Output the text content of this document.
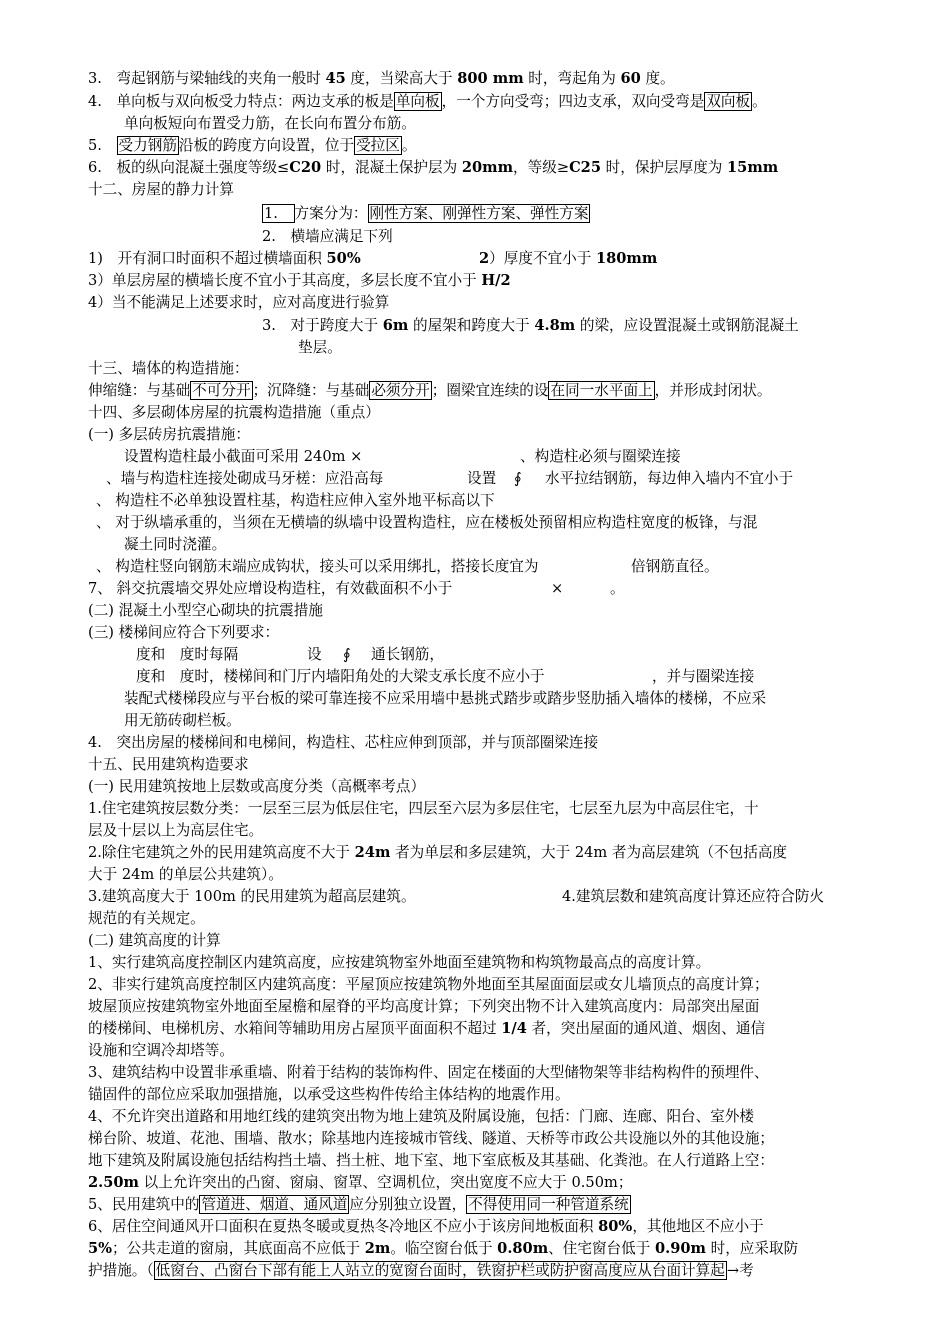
3.　弯起钢筋与梁轴线的夹角一般时 45 度，当梁高大于 800 mm 时，弯起角为 60 度。
4.　单向板与双向板受力特点：两边支承的板是 单向板 ，一个方向受弯；四边支承，双向受弯是 双向板 。
单向板短向布置受力筋，在长向布置分布筋。
5.　受力钢筋 沿板的跨度方向设置，位于 受拉区 。
6.　板的纵向混凝土强度等级≤C20 时，混凝土保护层为 20mm，等级≥C25 时，保护层厚度为 15mm
十二、房屋的静力计算
1.　方案分为： 刚性方案、刚弹性方案、弹性方案
2.　横墙应满足下列
1)　开有洞口时面积不超过横墙面积 50%	2）厚度不宜小于 180mm
3）单层房屋的横墙长度不宜小于其高度，多层长度不宜小于 H/2
4）当不能满足上述要求时，应对高度进行验算
3.　对于跨度大于 6m 的屋架和跨度大于 4.8m 的梁，应设置混凝土或钢筋混凝土
垫层。
十三、墙体的构造措施：
伸缩缝：与基础 不可分开 ；沉降缝：与基础 必须分开 ；圈梁宜连续的设 在同一水平面上 ，并形成封闭状。
十四、多层砌体房屋的抗震构造措施（重点）
(一) 多层砖房抗震措施：
设置构造柱最小截面可采用 240m ×	、构造柱必须与圈梁连接
、墙与构造柱连接处砌成马牙槎：应沿高每	设置 ∮ 水平拉结钢筋，每边伸入墙内不宜小于
、 构造柱不必单独设置柱基，构造柱应伸入室外地平标高以下
、 对于纵墙承重的，当须在无横墙的纵墙中设置构造柱，应在楼板处预留相应构造柱宽度的板锋，与混
凝土同时浇灌。
、 构造柱竖向钢筋末端应成钩状，接头可以采用绑扎，搭接长度宜为	倍钢筋直径。
7、 斜交抗震墙交界处应增设构造柱，有效截面积不小于	×	。
(二) 混凝土小型空心砌块的抗震措施
(三) 楼梯间应符合下列要求：
度和　度时每隔	设 ∮ 通长钢筋，
度和　度时，楼梯间和门厅内墙阳角处的大梁支承长度不应小于	，并与圈梁连接
装配式楼梯段应与平台板的梁可靠连接不应采用墙中悬挑式踏步或踏步竖肋插入墙体的楼梯，不应采
用无筋砖砌栏板。
4.　突出房屋的楼梯间和电梯间，构造柱、芯柱应伸到顶部，并与顶部圈梁连接
十五、民用建筑构造要求
(一) 民用建筑按地上层数或高度分类（高概率考点）
1.住宅建筑按层数分类：一层至三层为低层住宅，四层至六层为多层住宅，七层至九层为中高层住宅，十
层及十层以上为高层住宅。
2.除住宅建筑之外的民用建筑高度不大于 24m 者为单层和多层建筑，大于 24m 者为高层建筑（不包括高度
大于 24m 的单层公共建筑）。
3.建筑高度大于 100m 的民用建筑为超高层建筑。	4.建筑层数和建筑高度计算还应符合防火
规范的有关规定。
(二) 建筑高度的计算
1、实行建筑高度控制区内建筑高度，应按建筑物室外地面至建筑物和构筑物最高点的高度计算。
2、非实行建筑高度控制区内建筑高度：平屋顶应按建筑物外地面至其屋面面层或女儿墙顶点的高度计算；
坡屋顶应按建筑物室外地面至屋檐和屋脊的平均高度计算；下列突出物不计入建筑高度内：局部突出屋面
的楼梯间、电梯机房、水箱间等辅助用房占屋顶平面面积不超过 1/4 者，突出屋面的通风道、烟囱、通信
设施和空调冷却塔等。
3、建筑结构中设置非承重墙、附着于结构的装饰构件、固定在楼面的大型储物架等非结构构件的预埋件、
锚固件的部位应采取加强措施，以承受这些构件传给主体结构的地震作用。
4、不允许突出道路和用地红线的建筑突出物为地上建筑及附属设施，包括：门廊、连廊、阳台、室外楼
梯台阶、坡道、花池、围墙、散水；除基地内连接城市管线、隧道、天桥等市政公共设施以外的其他设施；
地下建筑及附属设施包括结构挡土墙、挡土桩、地下室、地下室底板及其基础、化粪池。在人行道路上空：
2.50m 以上允许突出的凸窗、窗扇、窗罩、空调机位，突出宽度不应大于 0.50m；
5、民用建筑中的 管道进、烟道、通风道 应分别独立设置， 不得使用同一种管道系统
6、居住空间通风开口面积在夏热冬暖或夏热冬冷地区不应小于该房间地板面积 80%，其他地区不应小于
5%；公共走道的窗扇，其底面高不应低于 2m。临空窗台低于 0.80m、住宅窗台低于 0.90m 时，应采取防
护措施。（ 低窗台、凸窗台下部有能上人站立的宽窗台面时，铁窗护栏或防护窗高度应从台面计算起 →考
